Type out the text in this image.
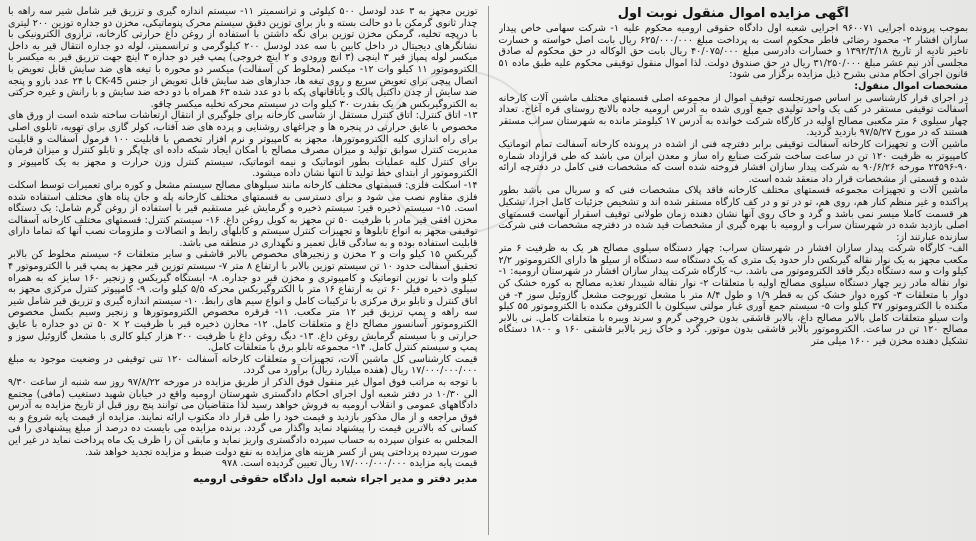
آگهی مزایده اموال منقول نوبت اول

بموجب پرونده اجرایی ۹۶۰۰۷۱ اجرایی شعبه اول دادگاه حقوقی ارومیه محکوم علیه ۱- شرکت سهامی خاص پیدار سازان افشار ۲- محمود رضائی فاطر محکوم است به پرداخت مبلغ ۶۲۵/۰۰۰/۰۰۰ ریال بابت اصل خواسته و خسارت تاخیر تادیه از تاریخ ۱۳۹۲/۳/۱۸ و خسارات دادرسی مبلغ ۴۰/۰۷۵/۰۰۰ ریال بابت حق الوکاله در حق محکوم له صادق مجلسی آذر نیم عشر مبلغ ۳۱/۲۵۰/۰۰۰ ریال در حق صندوق دولت. لذا اموال منقول توقیفی محکوم علیه طبق ماده ۵۱ قانون اجرای احکام مدنی بشرح ذیل مزایده برگزار می شود:

مشخصات اموال منقول:

در اجرای قرار کارشناسی بر اساس صورتجلسه توقیف اموال از مجموعه اصلی قسمتهای مختلف ماشین آلات کارخانه آسفالت توقیفی مستقر در کف یک واحد تولیدی جمع آوری شده به آدرس ارومیه جاده بالانج روستای قره آغاج. تعداد چهار سیلوی ۶ متر مکعبی مصالح اولیه در کارگاه شرکت خوانده به آدرس ۱۷ کیلومتر مانده به شهرستان سراب مستقر هستند که در مورخ ۹۷/۵/۲۷ بازدید گردید.

ماشین آلات و تجهیزات کارخانه آسفالت توقیفی برابر دفترچه فنی از اشده در پرونده کارخانه آسفالت تمام اتوماتیک کامپیوتر به ظرفیت ۱۲۰ تن در ساعت ساخت شرکت صنایع راه ساز و معدن ایران می باشد که طی قرارداد شماره ۹۰-۲۳۵۹۶ مورخه ۹۰/۶/۲۶ به شرکت پیدار سازان افشار فروخته شده است که مشخصات فنی کامل در دفترچه ارائه شده و قسمتی از مشخصات قرار داد منعقد شده است.

ماشین آلات و تجهیزات مجموعه قسمتهای مختلف کارخانه فاقد پلاک مشخصات فنی که و سریال می باشد بطور پراکنده و غیر منظم کنار هم، روی هم، تو در تو و در کف کارگاه مستقر شده اند و تشخیص جزئیات کامل اجزا، تشکیل هر قسمت کاملا میسر نمی باشد و گرد و خاک روی آنها نشان دهنده زمان طولانی توقیف اسقرار آنهاست قسمتهای اصلی بازدید شده در شهرستان سراب و ارومیه با بهره گیری از مشخصات قید شده در دفترچه مشخصات فنی شرکت سازنده عبارتند از:

الف- کارگاه شرکت پیدار سازان افشار در شهرستان سراب: چهار دستگاه سیلوی مصالح هر یک به ظرفیت ۶ متر مکعب مجهز به یک نوار نقاله گیربکس دار حدود یک متری که یک دستگاه سه دستگاه از سیلو ها دارای الکتروموتور ۲/۲ کیلو وات و سه دستگاه دیگر فاقد الکتروموتور می باشد. ب- کارگاه شرکت پیدار سازان افشار در شهرستان ارومیه: ۱- نوار نقاله مادر زیر چهار دستگاه سیلوی مصالح اولیه با متعلقات ۲- نوار نقاله شیبدار تغذیه مصالح به کوره خشک کن دوار با متعلقات ۳- کوره دوار خشک کن به قطر ۱/۹ و طول ۸/۴ متر با مشعل توربوجت مشعل گازوئیل سوز ۴- فن مکنده با الکتروموتور ۳۷ کیلو وات ۵- سیستم جمع آوری غبار مولتی سیکلون با الکتروفن مکنده با الکتروموتور ۵۵ کیلو وات سیلو متعلقات کامل بالابر مصالح داغ، بالابر قاشقی بدون خروجی گرم و سرند ویبره با متعلقات کامل. نی بالابر مصالح ۱۲۰ تن در ساعت. الکتروموتور بالابر قاشقی بدون موتور. گرد و خاک زیر بالابر قاشقی ۱۶۰ و ۱۸۰۰ دستگاه تشکیل دهنده مخزن قیر ۱۶۰۰ میلی متر

توزین مجهز به ۳ عدد لودسل ۵۰۰ کیلوئی و ترانسمیتر ۱۱- سیستم اندازه گیری و تزریق قیر شامل شیر سه راهه با چدار ثانوی گرمکن با دو حالت بسته و باز برای توزین دقیق سیستم محرک پنوماتیکی، مخزن دو جداره توزین ۲۰۰ لیتری با درپچه تخلیه، گرمکن مخزن توزین برای نگه داشتن با استفاده از روغن داغ حرارتی کارخانه، ترازوی الکترونیکی با نشانگرهای دیجیتال در داخل کابین با سه عدد لودسل ۲۰۰ کیلوگرمی و ترانسمیتر، لوله دو جداره انتقال قیر به داخل میکسر لوله پمپاژ قیر ۳ اینچی (۳ انچ ورودی و ۲ اینچ خروجی) پمپ قیر دو جداره ۳ اینچ جهت تزریق قیر به میکسر با الکتروموتور ۱۱ کیلو وات ۱۲- میکسر (مخلوط کن آسفالت) میکسر دو محوره با تیغه های ضد سایش قابل تعویض با اتصال پیچی برای تعویض سریع و روی تیغه ها، جدارهای ضد سایش قابل تعویض از جنس CK-45 با ۲۴ عدد بازو و پنجه ضد سایش از چدن داکتیل پالک و یاتاقانهای پکه با دو عدد شده ۶۳ همراه با دو دخه ضد سایش و با رانش و غیره حرکتی به الکتروگیربکس هر یک بقدرت ۳۰ کیلو وات در سیستم محرکه تخلیه میکسر چاقو.

۱۳- اتاق کنترل: اتاق کنترل مستقل از شاسی کارخانه برای جلوگیری از انتقال ارتعاشات ساخته شده است از ورق های مخصوص با عایق حرارتی در پنجره ها و چراغهای روشنایی و پرده های ضد آفتاب، کولر گازی برای تهویه، تابلوی اصلی برای راه اندازی کلیه الکتروموتورها، مجهز به کامپیوتر و نرم افزار تخصص با قابلیت ۱۰۰ فرمول آسفالت و قابلیت مدیریت کنترل سوابق تولید و میزان مصرف مصالح با امکان ایجاد شبکه داده ای چاپگر و تابلو کنترل و میزان فرمان برای کنترل کلیه عملیات بطور اتوماتیک و نیمه اتوماتیک، سیستم کنترل وزن حرارت و مجهز به یک کامپیوتر و الکتروموتور از ابتدای خط تولید تا انتها نشان داده میشود.

۱۴- اسکلت فلزی: قسمتهای مختلف کارخانه مانند سیلوهای مصالح سیستم مشعل و کوره برای تعمیرات توسط اسکلت فلزی مقاوم نصب می شود و برای دسترسی به قسمتهای مختلف کارخانه پله و جان پناه های مختلف استفاده شده است. ۱۵- سیستم ذخیره قیر: سیستم ذخیره و گرمایش غیر مستقیم قیر با استفاده از روغن گرم شامل: یک دستگاه مخزن افقی قیر مادر با ظرفیت ۵۰ تن مجهز به کویل روغن داغ. ۱۶- سیستم کنترل: قسمتهای مختلف کارخانه آسفالت توقیفی مجهز به انواع تابلوها و تجهیزات کنترل سیستم و کابلهای رابط و اتصالات و ملزومات نصب آنها که تماما دارای قابلیت استفاده بوده و به سادگی قابل تعمیر و نگهداری در منطقه می باشد.

گیربکس ۱۵ کیلو وات و ۲ مخزن و زنجیرهای مخصوص بالابر قاشقی و سایر متعلقات ۶- سیستم مخلوط کن بالابر تحقیق آسفالت حدود ۱۰ تن سیستم توزین بالابر با ارتفاع ۸ متر ۷- سیستم توزین قیر مجهز به پمپ قیر با الکتروموتور ۴ کیلو وات با توزین اتوماتیک و کامپیوتری و مخزن قیر دو جداره. ۸- ایستگاه گیربکس و زنجیر ۱۶۰ سایز که به همراه سیلوی ذخیره فیلر ۶۰ تن به ارتفاع ۱۶ متر با الکتروگیربکس محرکه ۵/۵ کیلو وات. ۹- کامپیوتر کنترل مرکزی مجهز به اتاق کنترل و تابلو برق مرکزی با ترکیبات کامل و انواع سیم های رابط. ۱۰- سیستم اندازه گیری و تزریق قیر شامل شیر سه راهه و پمپ ترزیق قیر ۱۲ متر مکعب. ۱۱- قرقره مخصوص الکتروموتورها و زنجیر وسیم بکسل مخصوص الکتروموتور آسانسور مصالح داغ و متعلقات کامل. ۱۲- مخازن ذخیره قیر با ظرفیت ۲ × ۵۰ تن دو جداره با عایق حرارتی و با سیستم گرمایش روغن داغ. ۱۳- دیگ روغن داغ با ظرفیت ۲۰۰ هزار کیلو کالری با مشعل گازوئیل سوز و پمپ و سیستم کنترل کامل. ۱۴- مجموعه تابلو برق با متعلقات کامل.

قیمت کارشناسی کل ماشین آلات، تجهیزات و متعلقات کارخانه آسفالت ۱۲۰ تنی توقیفی در وضعیت موجود به مبلغ ۱۷/۰۰۰/۰۰۰/۰۰۰ ریال (هفده میلیارد ریال) برآورد می گردد.

با توجه به مراتب فوق اموال غیر منقول فوق الذکر از طریق مزایده در مورخه ۹۷/۸/۲۲ روز سه شنبه از ساعت ۹/۳۰ الی ۱۰/۳۰ در دفتر شعبه اول اجرای احکام دادگستری شهرستان ارومیه واقع در خیابان شهید دستغیب (مافی) مجتمع دادگاههای عمومی و انقلاب ارومیه به فروش خواهد رسید لذا متقاضیان می توانند پنج روز قبل از تاریخ مزایده به آدرس فوق مراجعه و از مال مذکور بازدید و قیمت خود را طی قرار داد مکتوب ارائه نمایند. مزایده از قیمت پایه شروع و به کسانی که بالاترین قیمت را پیشنهاد نماید واگذار می گردد. برنده مزایده می بایست ده درصد از مبلغ پیشنهادی را فی المجلس به عنوان سپرده به حساب سپرده دادگستری واریز نماید و مابقی آن را ظرف یک ماه پرداخت نماید در غیر این صورت سپرده پرداختی پس از کسر هزینه های مزایده به نفع دولت ضبط و مزایده تجدید خواهد شد.

قیمت پایه مزایده ۱۷/۰۰۰/۰۰۰/۰۰۰ ریال تعیین گردیده است. ۹۷۸

مدیر دفتر و مدیر اجراء شعبه اول دادگاه حقوقی ارومیه
